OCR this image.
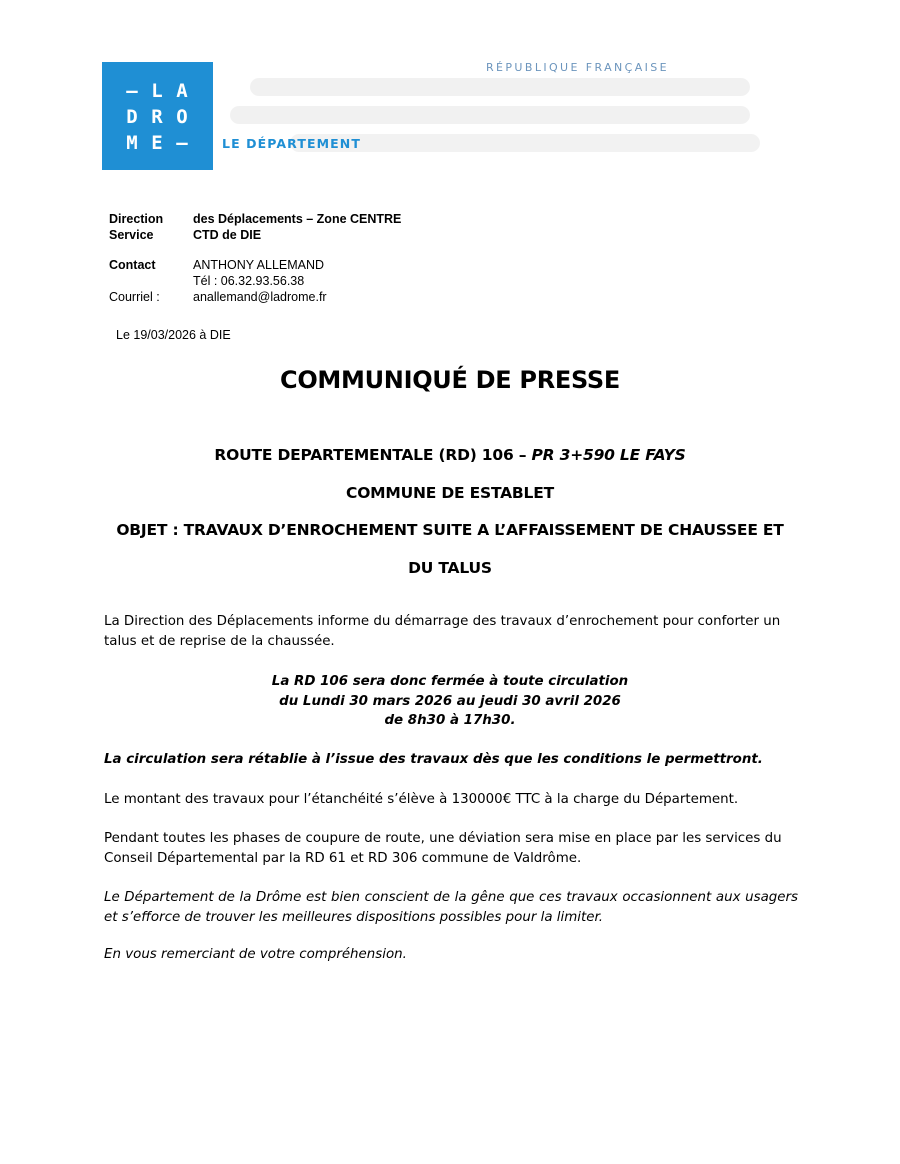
– L A
D R O
M E –	LE DÉPARTEMENT
RÉPUBLIQUE FRANÇAISE
Direction	des Déplacements – Zone CENTRE
Service	CTD de DIE
Contact	ANTHONY ALLEMAND
Tél : 06.32.93.56.38
Courriel :	anallemand@ladrome.fr
Le 19/03/2026 à DIE
COMMUNIQUÉ DE PRESSE
ROUTE DEPARTEMENTALE (RD) 106 – PR 3+590 LE FAYS
COMMUNE DE ESTABLET
OBJET : TRAVAUX D’ENROCHEMENT SUITE A L’AFFAISSEMENT DE CHAUSSEE ET
DU TALUS
La Direction des Déplacements informe du démarrage des travaux d’enrochement pour conforter un talus et de reprise de la chaussée.
La RD 106 sera donc fermée à toute circulation
du Lundi 30 mars 2026 au jeudi 30 avril 2026
de 8h30 à 17h30.
La circulation sera rétablie à l’issue des travaux dès que les conditions le permettront.
Le montant des travaux pour l’étanchéité s’élève à 130000€ TTC à la charge du Département.
Pendant toutes les phases de coupure de route, une déviation sera mise en place par les services du Conseil Départemental par la RD 61 et RD 306 commune de Valdrôme.
Le Département de la Drôme est bien conscient de la gêne que ces travaux occasionnent aux usagers et s’efforce de trouver les meilleures dispositions possibles pour la limiter.
En vous remerciant de votre compréhension.
